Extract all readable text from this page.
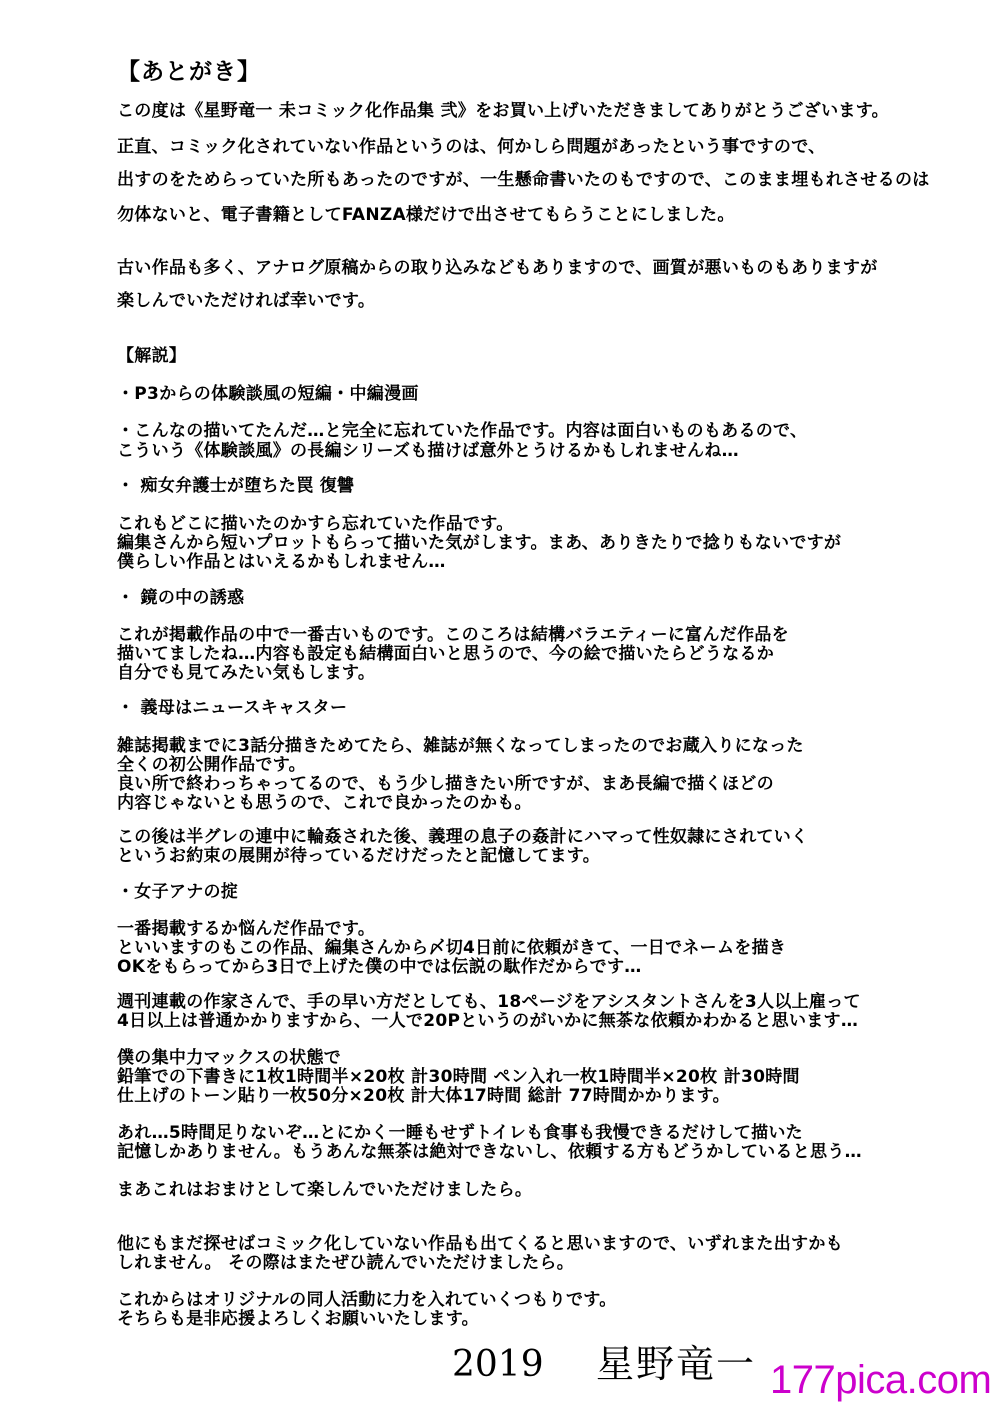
【あとがき】
この度は《星野竜一 未コミック化作品集 弐》をお買い上げいただきましてありがとうございます。
正直、コミック化されていない作品というのは、何かしら問題があったという事ですので、
出すのをためらっていた所もあったのですが、一生懸命書いたのもですので、このまま埋もれさせるのは
勿体ないと、電子書籍としてFANZA様だけで出させてもらうことにしました。
古い作品も多く、アナログ原稿からの取り込みなどもありますので、画質が悪いものもありますが
楽しんでいただければ幸いです。
【解説】
・P3からの体験談風の短編・中編漫画
・こんなの描いてたんだ…と完全に忘れていた作品です。内容は面白いものもあるので、
こういう《体験談風》の長編シリーズも描けば意外とうけるかもしれませんね…
・ 痴女弁護士が堕ちた罠 復讐
これもどこに描いたのかすら忘れていた作品です。
編集さんから短いプロットもらって描いた気がします。まあ、ありきたりで捻りもないですが
僕らしい作品とはいえるかもしれません…
・ 鏡の中の誘惑
これが掲載作品の中で一番古いものです。このころは結構バラエティーに富んだ作品を
描いてましたね…内容も設定も結構面白いと思うので、今の絵で描いたらどうなるか
自分でも見てみたい気もします。
・ 義母はニュースキャスター
雑誌掲載までに3話分描きためてたら、雑誌が無くなってしまったのでお蔵入りになった
全くの初公開作品です。
良い所で終わっちゃってるので、もう少し描きたい所ですが、まあ長編で描くほどの
内容じゃないとも思うので、これで良かったのかも。
この後は半グレの連中に輪姦された後、義理の息子の姦計にハマって性奴隷にされていく
というお約束の展開が待っているだけだったと記憶してます。
・女子アナの掟
一番掲載するか悩んだ作品です。
といいますのもこの作品、編集さんから〆切4日前に依頼がきて、一日でネームを描き
OKをもらってから3日で上げた僕の中では伝説の駄作だからです…
週刊連載の作家さんで、手の早い方だとしても、18ページをアシスタントさんを3人以上雇って
4日以上は普通かかりますから、一人で20Pというのがいかに無茶な依頼かわかると思います…
僕の集中力マックスの状態で
鉛筆での下書きに1枚1時間半×20枚 計30時間 ペン入れ一枚1時間半×20枚 計30時間
仕上げのトーン貼り一枚50分×20枚 計大体17時間 総計 77時間かかります。
あれ…5時間足りないぞ…とにかく一睡もせずトイレも食事も我慢できるだけして描いた
記憶しかありません。もうあんな無茶は絶対できないし、依頼する方もどうかしていると思う…
まあこれはおまけとして楽しんでいただけましたら。
他にもまだ探せばコミック化していない作品も出てくると思いますので、いずれまた出すかも
しれません。 その際はまたぜひ読んでいただけましたら。
これからはオリジナルの同人活動に力を入れていくつもりです。
そちらも是非応援よろしくお願いいたします。
2019 星野竜一 177pica.com
